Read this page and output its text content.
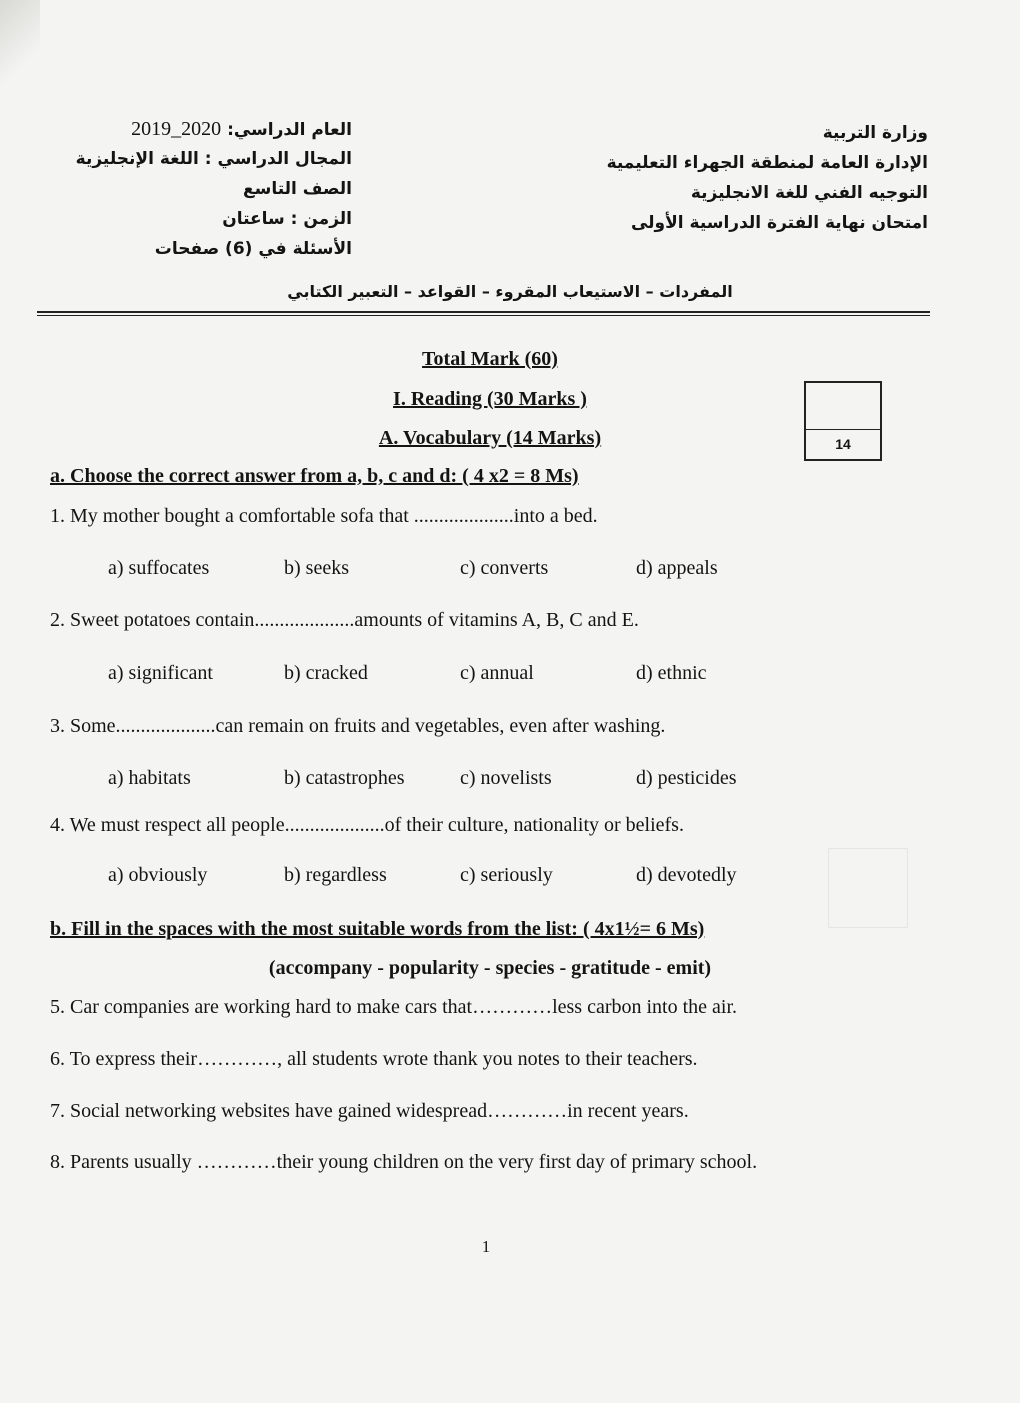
وزارة التربية
الإدارة العامة لمنطقة الجهراء التعليمية
التوجيه الفني للغة الانجليزية
امتحان نهاية الفترة الدراسية الأولى
العام الدراسي: 2020_2019
المجال الدراسي : اللغة الإنجليزية
الصف التاسع
الزمن : ساعتان
الأسئلة في (6) صفحات
المفردات – الاستيعاب المقروء – القواعد – التعبير الكتابي
Total Mark (60)
I. Reading (30 Marks )
A. Vocabulary (14 Marks)	14
a. Choose the correct answer from a, b, c and d: ( 4 x2 = 8 Ms)
1. My mother bought a comfortable sofa that ....................into a bed.
a) suffocates	b) seeks	c) converts	d) appeals
2. Sweet potatoes contain....................amounts of vitamins A, B, C and E.
a) significant	b) cracked	c) annual	d) ethnic
3. Some....................can remain on fruits and vegetables, even after washing.
a) habitats	b) catastrophes	c) novelists	d) pesticides
4. We must respect all people....................of their culture, nationality or beliefs.
a) obviously	b) regardless	c) seriously	d) devotedly
b. Fill in the spaces with the most suitable words from the list: ( 4x1½= 6 Ms)
(accompany - popularity - species - gratitude - emit)
5. Car companies are working hard to make cars that…………less carbon into the air.
6. To express their…………, all students wrote thank you notes to their teachers.
7. Social networking websites have gained widespread…………in recent years.
8. Parents usually …………their young children on the very first day of primary school.
1
